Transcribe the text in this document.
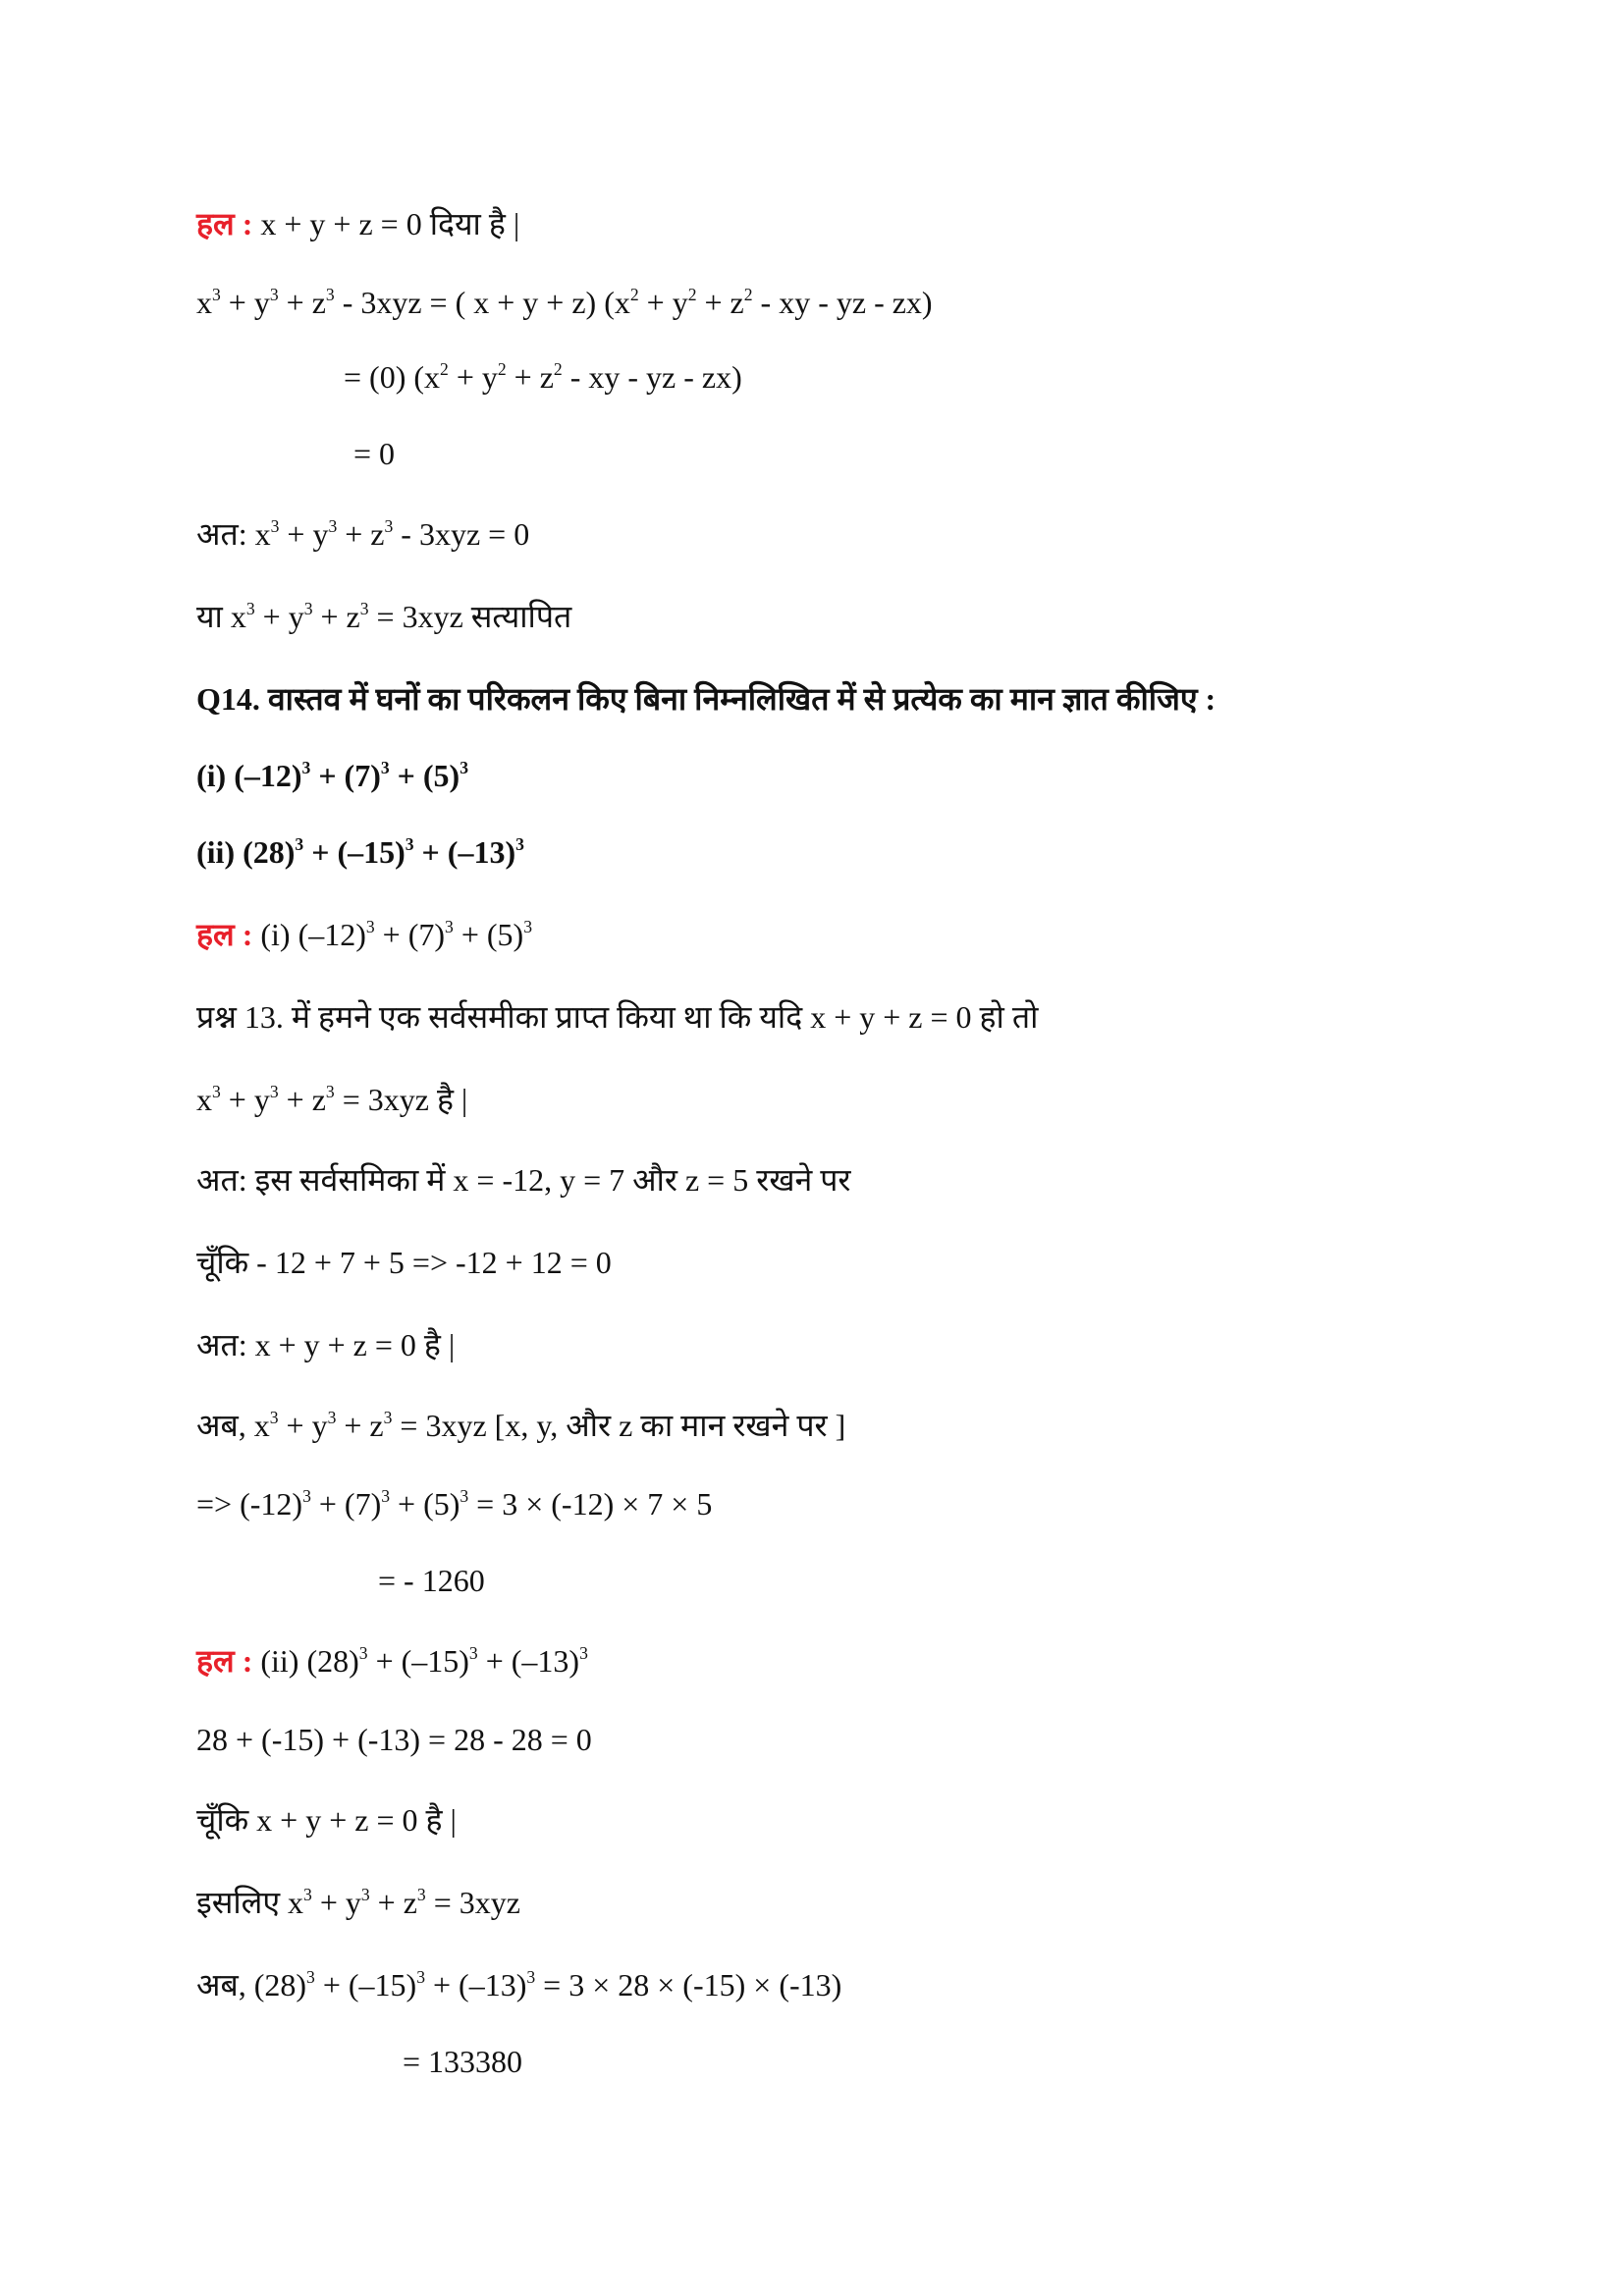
हल : x + y + z = 0 दिया है |
$x^3 + y^3 + z^3 - 3xyz$ = ( x + y + z) ($x^2 + y^2 + z^2$ - xy - yz - zx)
= (0) ($x^2 + y^2 + z^2$ - xy - yz - zx)
= 0
अत: $x^3 + y^3 + z^3 - 3xyz = 0$
या $x^3 + y^3 + z^3 = 3xyz$ सत्यापित
Q14. वास्तव में घनों का परिकलन किए बिना निम्नलिखित में से प्रत्येक का मान ज्ञात कीजिए :
(i) $(-12)^3 + (7)^3 + (5)^3$
(ii) $(28)^3 + (-15)^3 + (-13)^3$
हल : (i) $(-12)^3 + (7)^3 + (5)^3$
प्रश्न 13. में हमने एक सर्वसमीका प्राप्त किया था कि यदि x + y + z = 0 हो तो
$x^3 + y^3 + z^3 = 3xyz$ है |
अत: इस सर्वसमिका में x = -12, y = 7 और z = 5 रखने पर
चूँकि - 12 + 7 + 5 => -12 + 12 = 0
अत: x + y + z = 0 है |
अब, $x^3 + y^3 + z^3 = 3xyz$ [x, y, और z का मान रखने पर ]
=> $(-12)^3 + (7)^3 + (5)^3 = 3 \times (-12) \times 7 \times 5$
= - 1260
हल : (ii) $(28)^3 + (-15)^3 + (-13)^3$
28 + (-15) + (-13) = 28 - 28 = 0
चूँकि x + y + z = 0 है |
इसलिए $x^3 + y^3 + z^3 = 3xyz$
अब, $(28)^3 + (-15)^3 + (-13)^3 = 3 \times 28 \times (-15) \times (-13)$
= 133380
